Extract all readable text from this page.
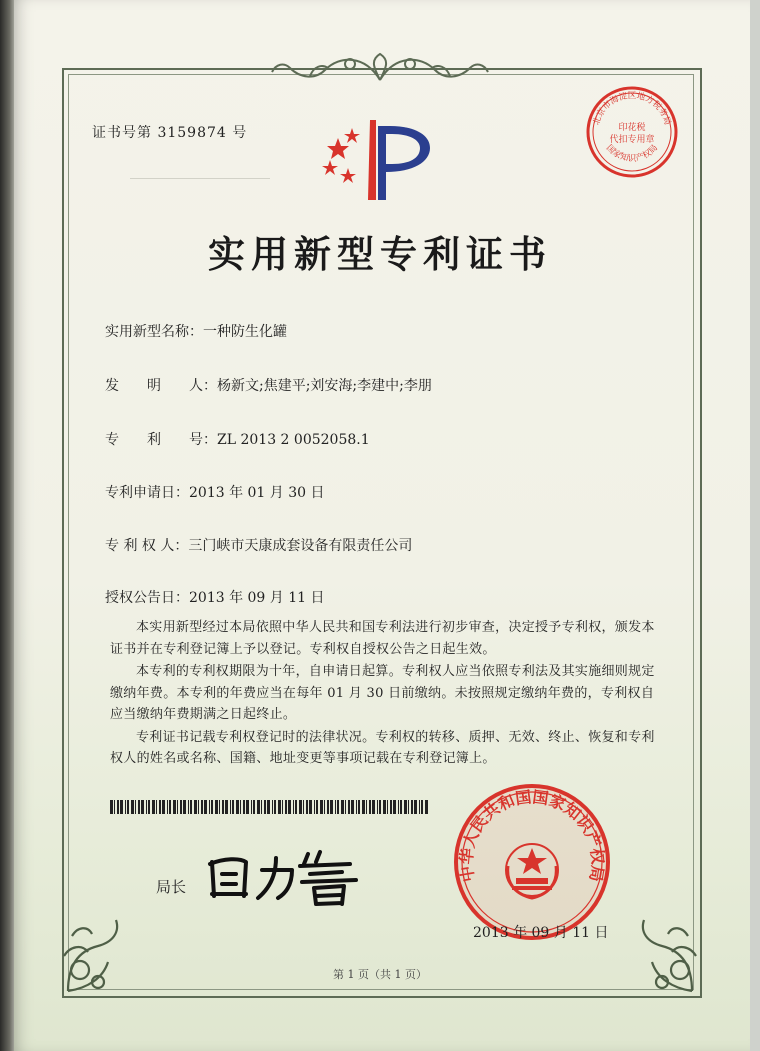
证书号第 3159874 号
北京市海淀区地方税务局
印花税
代扣专用章
国家知识产权局
实用新型专利证书
实用新型名称：一种防生化罐
发　　明　　人：杨新文;焦建平;刘安海;李建中;李朋
专　　利　　号：ZL 2013 2 0052058.1
专利申请日：2013 年 01 月 30 日
专 利 权 人：三门峡市天康成套设备有限责任公司
授权公告日：2013 年 09 月 11 日

本实用新型经过本局依照中华人民共和国专利法进行初步审查，决定授予专利权，颁发本证书并在专利登记簿上予以登记。专利权自授权公告之日起生效。

本专利的专利权期限为十年，自申请日起算。专利权人应当依照专利法及其实施细则规定缴纳年费。本专利的年费应当在每年 01 月 30 日前缴纳。未按照规定缴纳年费的，专利权自应当缴纳年费期满之日起终止。

专利证书记载专利权登记时的法律状况。专利权的转移、质押、无效、终止、恢复和专利权人的姓名或名称、国籍、地址变更等事项记载在专利登记簿上。

局长
中华人民共和国国家知识产权局
2013 年 09 月 11 日
第 1 页（共 1 页）
